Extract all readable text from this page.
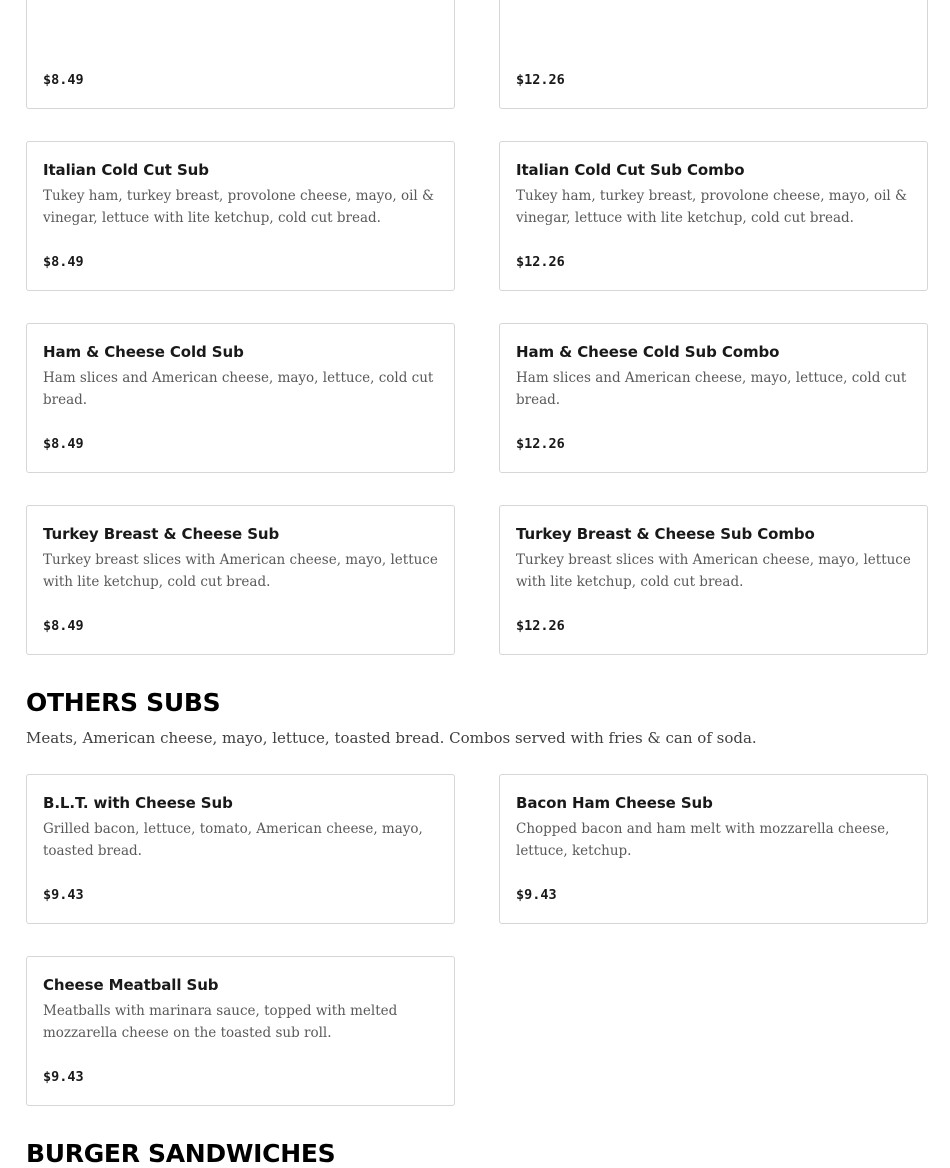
$8.49	$12.26

Italian Cold Cut Sub

Tukey ham, turkey breast, provolone cheese, mayo, oil & vinegar, lettuce with lite ketchup, cold cut bread.

$8.49

Italian Cold Cut Sub Combo

Tukey ham, turkey breast, provolone cheese, mayo, oil & vinegar, lettuce with lite ketchup, cold cut bread.

$12.26

Ham & Cheese Cold Sub

Ham slices and American cheese, mayo, lettuce, cold cut bread.

$8.49

Ham & Cheese Cold Sub Combo

Ham slices and American cheese, mayo, lettuce, cold cut bread.

$12.26

Turkey Breast & Cheese Sub

Turkey breast slices with American cheese, mayo, lettuce with lite ketchup, cold cut bread.

$8.49

Turkey Breast & Cheese Sub Combo

Turkey breast slices with American cheese, mayo, lettuce with lite ketchup, cold cut bread.

$12.26
OTHERS SUBS

Meats, American cheese, mayo, lettuce, toasted bread. Combos served with fries & can of soda.

B.L.T. with Cheese Sub

Grilled bacon, lettuce, tomato, American cheese, mayo, toasted bread.

$9.43

Bacon Ham Cheese Sub

Chopped bacon and ham melt with mozzarella cheese, lettuce, ketchup.

$9.43

Cheese Meatball Sub

Meatballs with marinara sauce, topped with melted mozzarella cheese on the toasted sub roll.

$9.43
BURGER SANDWICHES
